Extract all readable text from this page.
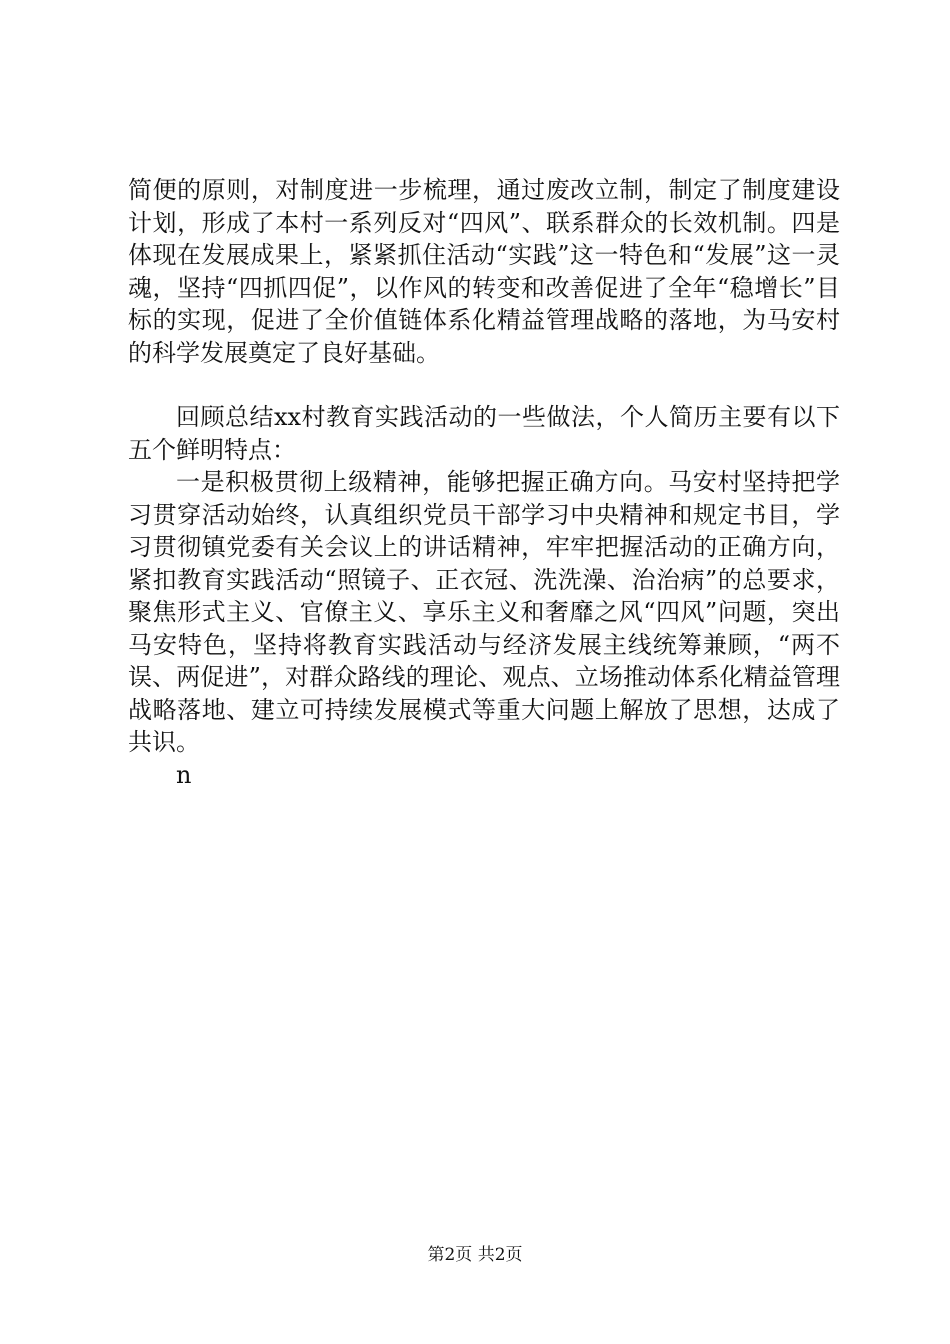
简便的原则，对制度进一步梳理，通过废改立制，制定了制度建设计划，形成了本村一系列反对“四风”、联系群众的长效机制。四是体现在发展成果上，紧紧抓住活动“实践”这一特色和“发展”这一灵魂，坚持“四抓四促”，以作风的转变和改善促进了全年“稳增长”目标的实现，促进了全价值链体系化精益管理战略的落地，为马安村的科学发展奠定了良好基础。

回顾总结xx村教育实践活动的一些做法，个人简历主要有以下五个鲜明特点：

一是积极贯彻上级精神，能够把握正确方向。马安村坚持把学习贯穿活动始终，认真组织党员干部学习中央精神和规定书目，学习贯彻镇党委有关会议上的讲话精神，牢牢把握活动的正确方向，紧扣教育实践活动“照镜子、正衣冠、洗洗澡、治治病”的总要求，聚焦形式主义、官僚主义、享乐主义和奢靡之风“四风”问题，突出马安特色，坚持将教育实践活动与经济发展主线统筹兼顾，“两不误、两促进”，对群众路线的理论、观点、立场推动体系化精益管理战略落地、建立可持续发展模式等重大问题上解放了思想，达成了共识。

n

第2页 共2页
